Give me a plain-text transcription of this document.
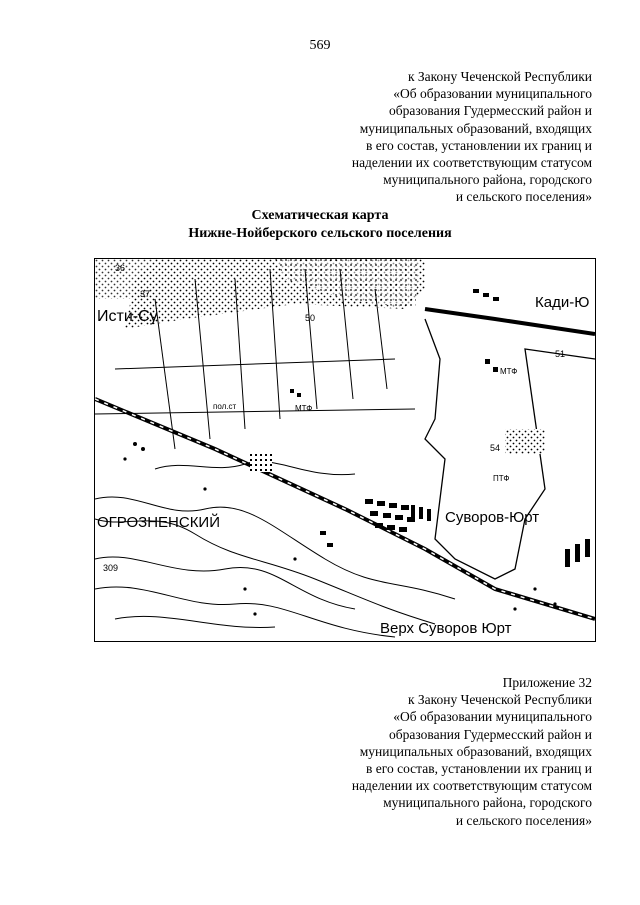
569
к Закону Чеченской Республики
«Об образовании муниципального
образования Гудермесский район и
муниципальных образований, входящих
в его состав, установлении их границ и
наделении их соответствующим статусом
муниципального района, городского
и сельского поселения»
Схематическая карта
Нижне-Нойберского сельского поселения
Исти-Су
Кади-Ю
Суворов-Юрт
ОГРОЗНЕНСКИЙ
Верх Суворов Юрт
МТФ
МТФ
ПТФ
пол.ст
37
36
50
51
54
309
Приложение 32
к Закону Чеченской Республики
«Об образовании муниципального
образования Гудермесский район и
муниципальных образований, входящих
в его состав, установлении их границ и
наделении их соответствующим статусом
муниципального района, городского
и сельского поселения»
